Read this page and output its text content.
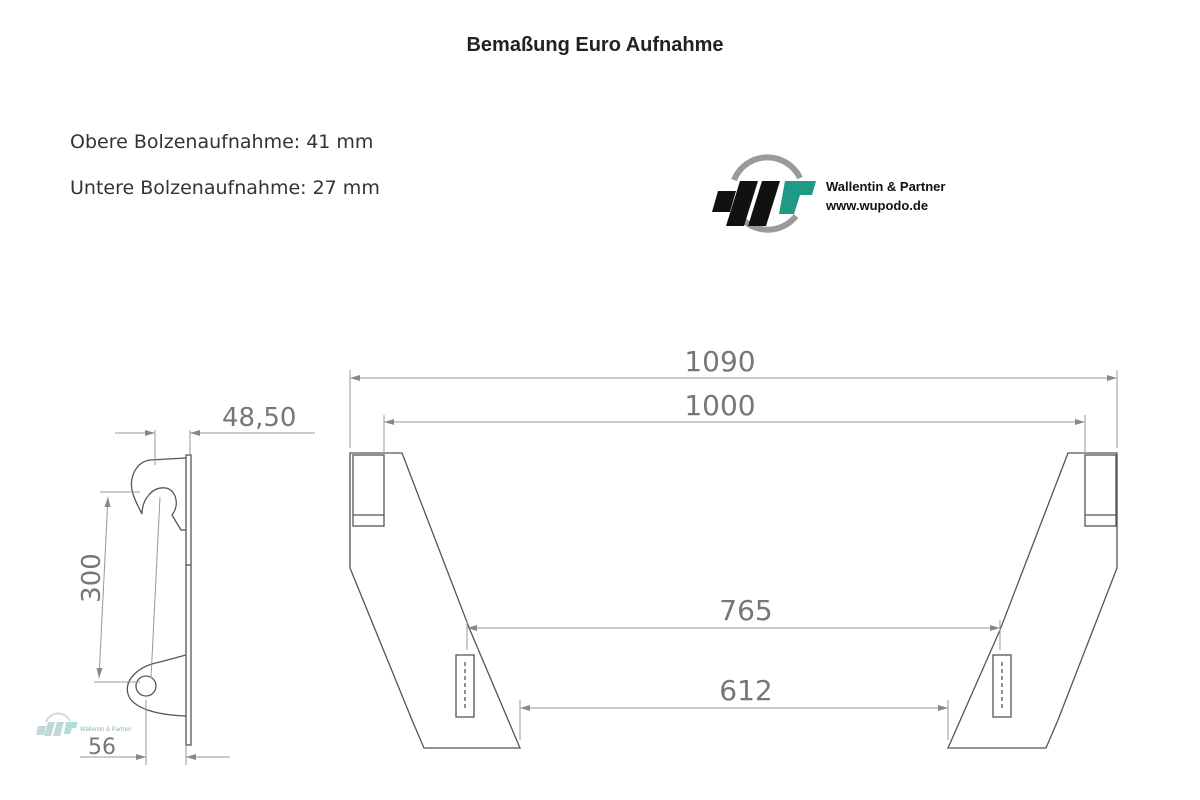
Bemaßung Euro Aufnahme
Obere Bolzenaufnahme: 41 mm
Untere Bolzenaufnahme: 27 mm
48,50
300
56
1090
1000
765
612
Wallentin & Partner
www.wupodo.de
Wallentin & Partner
